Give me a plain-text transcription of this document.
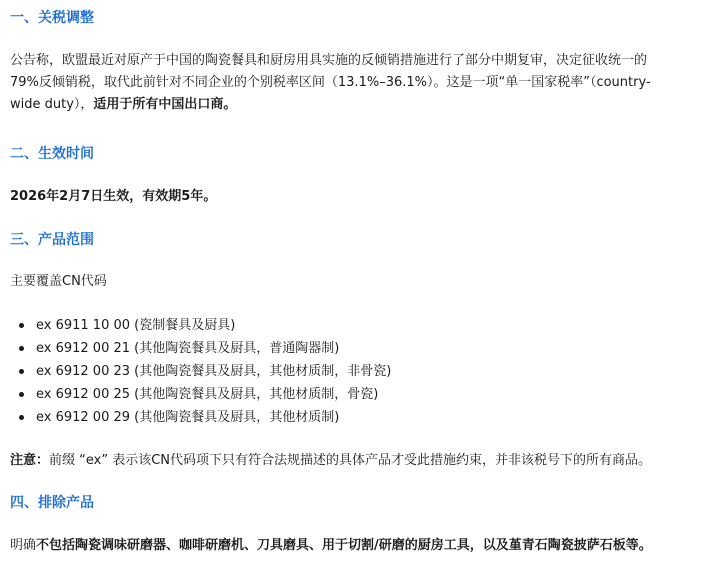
一、关税调整
公告称，欧盟最近对原产于中国的陶瓷餐具和厨房用具实施的反倾销措施进行了部分中期复审，决定征收统一的
79%反倾销税，取代此前针对不同企业的个别税率区间（13.1%–36.1%）。这是一项“单一国家税率”（country-
wide duty），适用于所有中国出口商。
二、生效时间
2026年2月7日生效，有效期5年。
三、产品范围
主要覆盖CN代码
ex 6911 10 00 (瓷制餐具及厨具)
ex 6912 00 21 (其他陶瓷餐具及厨具，普通陶器制)
ex 6912 00 23 (其他陶瓷餐具及厨具，其他材质制，非骨瓷)
ex 6912 00 25 (其他陶瓷餐具及厨具，其他材质制，骨瓷)
ex 6912 00 29 (其他陶瓷餐具及厨具，其他材质制)
注意：前缀 “ex” 表示该CN代码项下只有符合法规描述的具体产品才受此措施约束，并非该税号下的所有商品。
四、排除产品
明确不包括陶瓷调味研磨器、咖啡研磨机、刀具磨具、用于切割/研磨的厨房工具，以及堇青石陶瓷披萨石板等。
